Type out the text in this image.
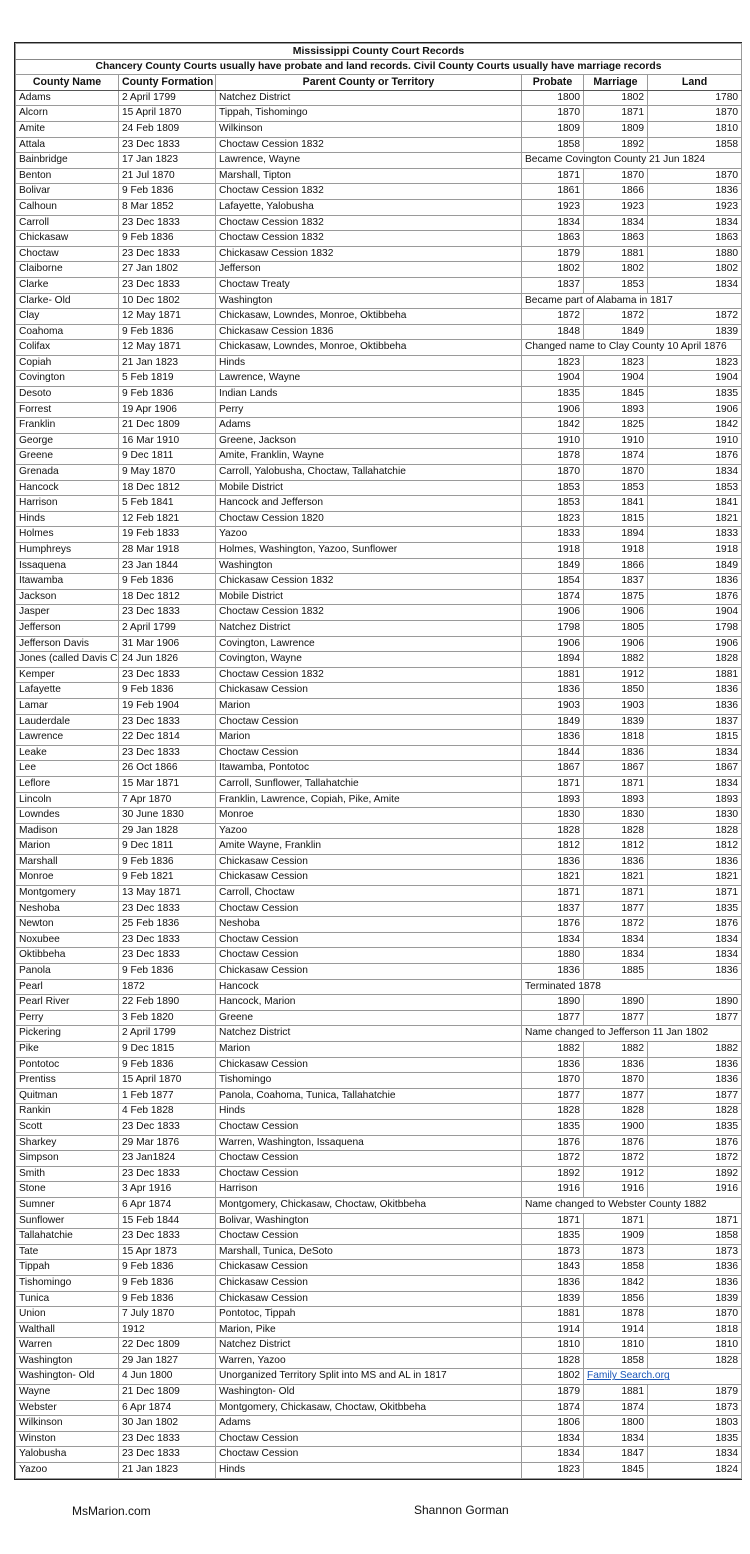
Mississippi County Court Records					
Chancery County Courts usually have probate and land records. Civil County Courts usually have marriage records					
County Name	County Formation	Parent County or Territory	Probate	Marriage	Land
Adams	2 April 1799	Natchez District	1800	1802	1780
Alcorn	15 April 1870	Tippah, Tishomingo	1870	1871	1870
Amite	24 Feb 1809	Wilkinson	1809	1809	1810
Attala	23 Dec 1833	Choctaw Cession 1832	1858	1892	1858
Bainbridge	17 Jan 1823	Lawrence, Wayne	Became Covington County 21 Jun 1824		
Benton	21 Jul 1870	Marshall, Tipton	1871	1870	1870
Bolivar	9 Feb 1836	Choctaw Cession 1832	1861	1866	1836
Calhoun	8 Mar 1852	Lafayette, Yalobusha	1923	1923	1923
Carroll	23 Dec 1833	Choctaw Cession 1832	1834	1834	1834
Chickasaw	9 Feb 1836	Choctaw Cession 1832	1863	1863	1863
Choctaw	23 Dec 1833	Chickasaw Cession 1832	1879	1881	1880
Claiborne	27 Jan 1802	Jefferson	1802	1802	1802
Clarke	23 Dec 1833	Choctaw Treaty	1837	1853	1834
Clarke- Old	10 Dec 1802	Washington	Became part of Alabama in 1817		
Clay	12 May 1871	Chickasaw, Lowndes, Monroe, Oktibbeha	1872	1872	1872
Coahoma	9 Feb 1836	Chickasaw Cession 1836	1848	1849	1839
Colifax	12 May 1871	Chickasaw, Lowndes, Monroe, Oktibbeha	Changed name to Clay County 10 April 1876		
Copiah	21 Jan 1823	Hinds	1823	1823	1823
Covington	5 Feb 1819	Lawrence, Wayne	1904	1904	1904
Desoto	9 Feb 1836	Indian Lands	1835	1845	1835
Forrest	19 Apr 1906	Perry	1906	1893	1906
Franklin	21 Dec 1809	Adams	1842	1825	1842
George	16 Mar 1910	Greene, Jackson	1910	1910	1910
Greene	9 Dec 1811	Amite, Franklin, Wayne	1878	1874	1876
Grenada	9 May 1870	Carroll, Yalobusha, Choctaw, Tallahatchie	1870	1870	1834
Hancock	18 Dec 1812	Mobile District	1853	1853	1853
Harrison	5 Feb 1841	Hancock and Jefferson	1853	1841	1841
Hinds	12 Feb 1821	Choctaw Cession 1820	1823	1815	1821
Holmes	19 Feb 1833	Yazoo	1833	1894	1833
Humphreys	28 Mar 1918	Holmes, Washington, Yazoo, Sunflower	1918	1918	1918
Issaquena	23 Jan 1844	Washington	1849	1866	1849
Itawamba	9 Feb 1836	Chickasaw Cession 1832	1854	1837	1836
Jackson	18 Dec 1812	Mobile District	1874	1875	1876
Jasper	23 Dec 1833	Choctaw Cession 1832	1906	1906	1904
Jefferson	2 April 1799	Natchez District	1798	1805	1798
Jefferson Davis	31 Mar 1906	Covington, Lawrence	1906	1906	1906
Jones (called Davis C	24 Jun 1826	Covington, Wayne	1894	1882	1828
Kemper	23 Dec 1833	Choctaw Cession 1832	1881	1912	1881
Lafayette	9 Feb 1836	Chickasaw Cession	1836	1850	1836
Lamar	19 Feb 1904	Marion	1903	1903	1836
Lauderdale	23 Dec 1833	Choctaw Cession	1849	1839	1837
Lawrence	22 Dec 1814	Marion	1836	1818	1815
Leake	23 Dec 1833	Choctaw Cession	1844	1836	1834
Lee	26 Oct 1866	Itawamba, Pontotoc	1867	1867	1867
Leflore	15 Mar 1871	Carroll, Sunflower, Tallahatchie	1871	1871	1834
Lincoln	7 Apr 1870	Franklin, Lawrence, Copiah, Pike, Amite	1893	1893	1893
Lowndes	30 June 1830	Monroe	1830	1830	1830
Madison	29 Jan 1828	Yazoo	1828	1828	1828
Marion	9 Dec 1811	Amite Wayne, Franklin	1812	1812	1812
Marshall	9 Feb 1836	Chickasaw Cession	1836	1836	1836
Monroe	9 Feb 1821	Chickasaw Cession	1821	1821	1821
Montgomery	13 May 1871	Carroll, Choctaw	1871	1871	1871
Neshoba	23 Dec 1833	Choctaw Cession	1837	1877	1835
Newton	25 Feb 1836	Neshoba	1876	1872	1876
Noxubee	23 Dec 1833	Choctaw Cession	1834	1834	1834
Oktibbeha	23 Dec 1833	Choctaw Cession	1880	1834	1834
Panola	9 Feb 1836	Chickasaw Cession	1836	1885	1836
Pearl	1872	Hancock	Terminated 1878		
Pearl River	22 Feb 1890	Hancock, Marion	1890	1890	1890
Perry	3 Feb 1820	Greene	1877	1877	1877
Pickering	2 April 1799	Natchez District	Name changed to Jefferson 11 Jan 1802		
Pike	9 Dec 1815	Marion	1882	1882	1882
Pontotoc	9 Feb 1836	Chickasaw Cession	1836	1836	1836
Prentiss	15 April 1870	Tishomingo	1870	1870	1836
Quitman	1 Feb 1877	Panola, Coahoma, Tunica, Tallahatchie	1877	1877	1877
Rankin	4 Feb 1828	Hinds	1828	1828	1828
Scott	23 Dec 1833	Choctaw Cession	1835	1900	1835
Sharkey	29 Mar 1876	Warren, Washington, Issaquena	1876	1876	1876
Simpson	23 Jan1824	Choctaw Cession	1872	1872	1872
Smith	23 Dec 1833	Choctaw Cession	1892	1912	1892
Stone	3 Apr 1916	Harrison	1916	1916	1916
Sumner	6 Apr 1874	Montgomery, Chickasaw, Choctaw, Okitbbeha	Name changed to Webster County 1882		
Sunflower	15 Feb 1844	Bolivar, Washington	1871	1871	1871
Tallahatchie	23 Dec 1833	Choctaw Cession	1835	1909	1858
Tate	15 Apr 1873	Marshall, Tunica, DeSoto	1873	1873	1873
Tippah	9 Feb 1836	Chickasaw Cession	1843	1858	1836
Tishomingo	9 Feb 1836	Chickasaw Cession	1836	1842	1836
Tunica	9 Feb 1836	Chickasaw Cession	1839	1856	1839
Union	7 July 1870	Pontotoc, Tippah	1881	1878	1870
Walthall	1912	Marion, Pike	1914	1914	1818
Warren	22 Dec 1809	Natchez District	1810	1810	1810
Washington	29 Jan 1827	Warren, Yazoo	1828	1858	1828
Washington- Old	4 Jun 1800	Unorganized Territory Split into MS and AL in 1817	1802	Family Search.org	
Wayne	21 Dec 1809	Washington- Old	1879	1881	1879
Webster	6 Apr 1874	Montgomery, Chickasaw, Choctaw, Okitbbeha	1874	1874	1873
Wilkinson	30 Jan 1802	Adams	1806	1800	1803
Winston	23 Dec 1833	Choctaw Cession	1834	1834	1835
Yalobusha	23 Dec 1833	Choctaw Cession	1834	1847	1834
Yazoo	21 Jan 1823	Hinds	1823	1845	1824
MsMarion.com	Shannon Gorman
